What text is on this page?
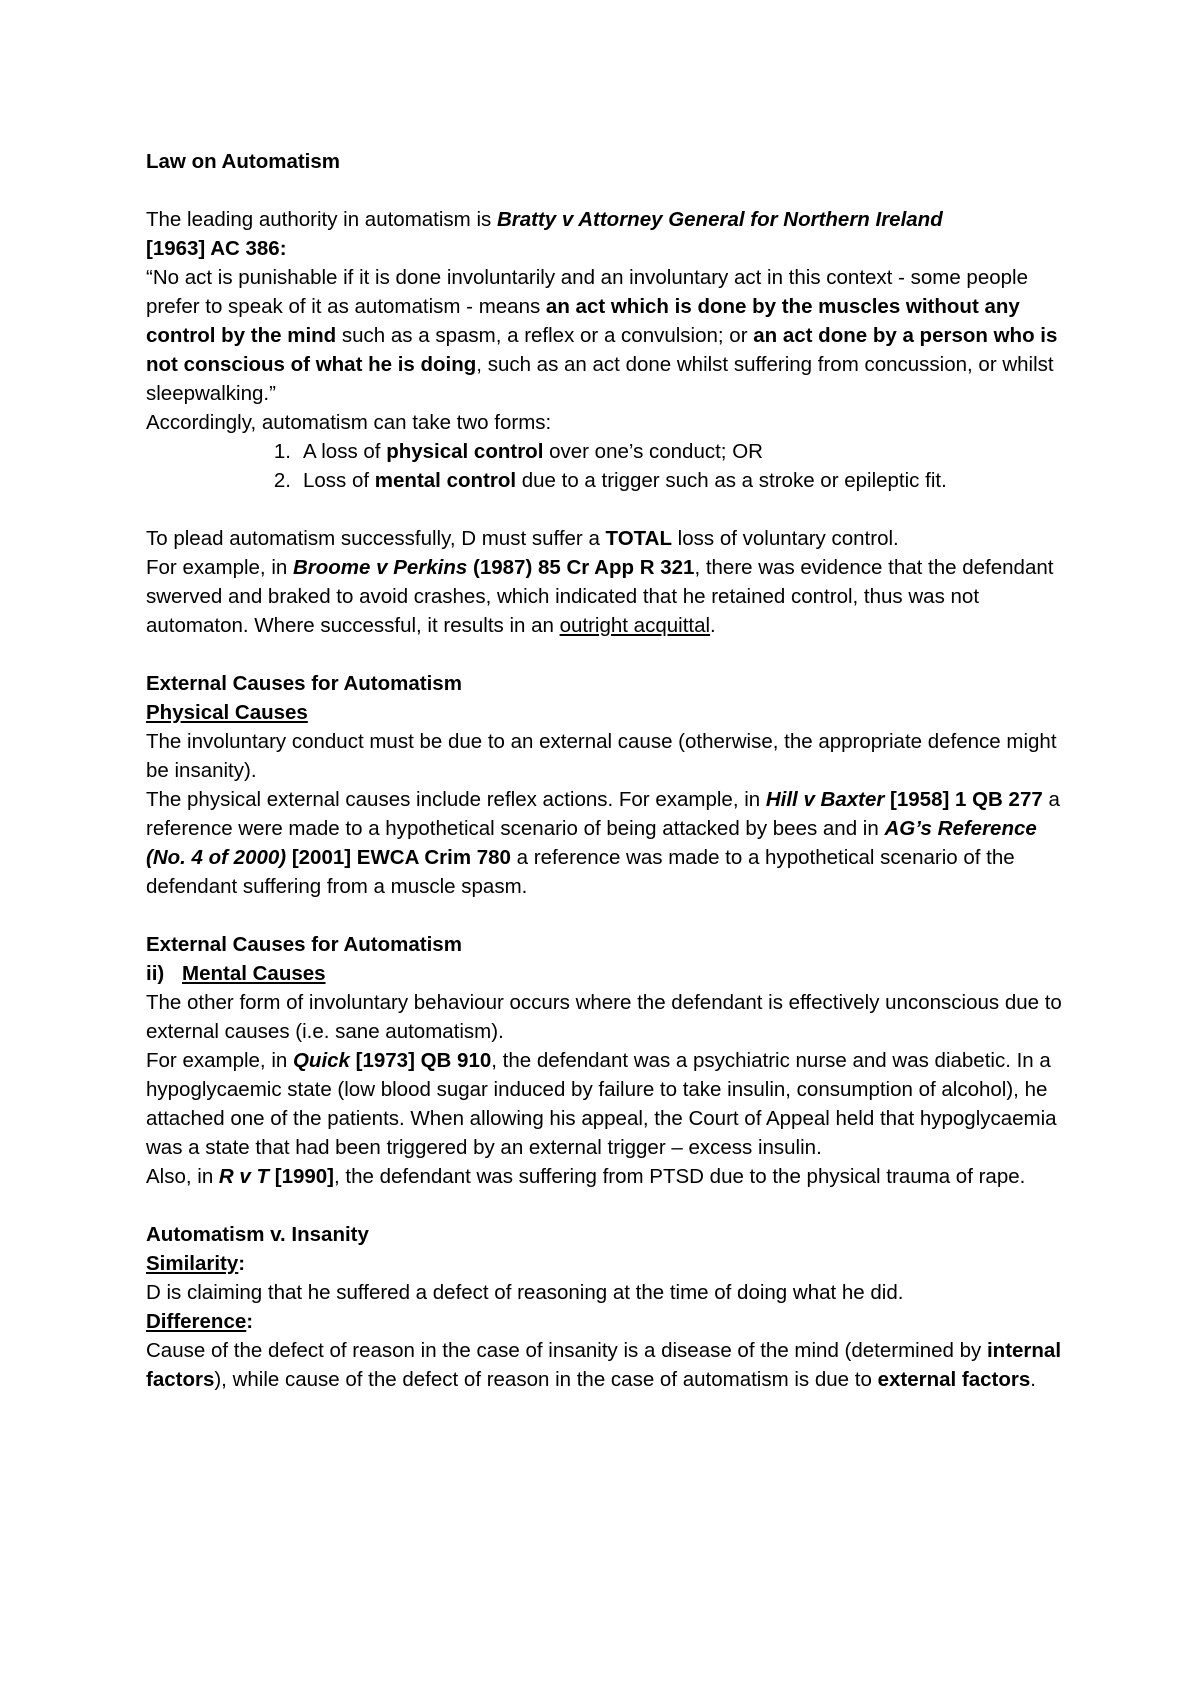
Law on Automatism

The leading authority in automatism is Bratty v Attorney General for Northern Ireland
[1963] AC 386:
“No act is punishable if it is done involuntarily and an involuntary act in this context - some people prefer to speak of it as automatism - means an act which is done by the muscles without any control by the mind such as a spasm, a reflex or a convulsion; or an act done by a person who is not conscious of what he is doing, such as an act done whilst suffering from concussion, or whilst sleepwalking.”

Accordingly, automatism can take two forms:

1. A loss of physical control over one’s conduct; OR
2. Loss of mental control due to a trigger such as a stroke or epileptic fit.

To plead automatism successfully, D must suffer a TOTAL loss of voluntary control.

For example, in Broome v Perkins (1987) 85 Cr App R 321, there was evidence that the defendant swerved and braked to avoid crashes, which indicated that he retained control, thus was not automaton. Where successful, it results in an outright acquittal.

External Causes for Automatism

Physical Causes

The involuntary conduct must be due to an external cause (otherwise, the appropriate defence might be insanity).

The physical external causes include reflex actions. For example, in Hill v Baxter [1958] 1 QB 277 a reference were made to a hypothetical scenario of being attacked by bees and in AG’s Reference (No. 4 of 2000) [2001] EWCA Crim 780 a reference was made to a hypothetical scenario of the defendant suffering from a muscle spasm.

External Causes for Automatism

ii) Mental Causes

The other form of involuntary behaviour occurs where the defendant is effectively unconscious due to external causes (i.e. sane automatism).

For example, in Quick [1973] QB 910, the defendant was a psychiatric nurse and was diabetic. In a hypoglycaemic state (low blood sugar induced by failure to take insulin, consumption of alcohol), he attached one of the patients. When allowing his appeal, the Court of Appeal held that hypoglycaemia was a state that had been triggered by an external trigger – excess insulin.

Also, in R v T [1990], the defendant was suffering from PTSD due to the physical trauma of rape.

Automatism v. Insanity

Similarity:

D is claiming that he suffered a defect of reasoning at the time of doing what he did.

Difference:

Cause of the defect of reason in the case of insanity is a disease of the mind (determined by internal factors), while cause of the defect of reason in the case of automatism is due to external factors.
